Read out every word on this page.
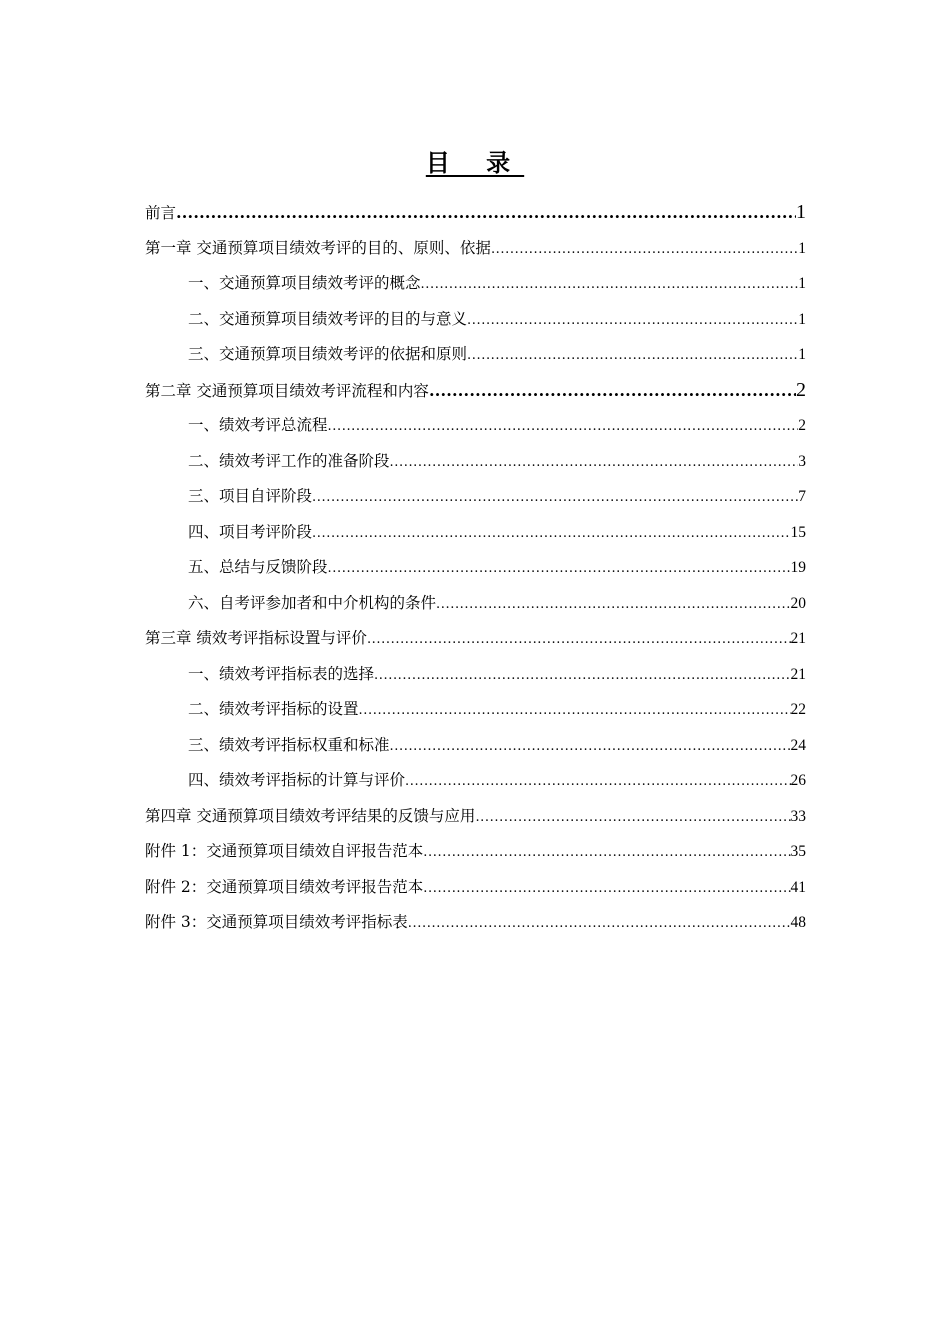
目 录
前言 .....	1
第一章 交通预算项目绩效考评的目的、原则、依据 .....	1
一、交通预算项目绩效考评的概念 .....	1
二、交通预算项目绩效考评的目的与意义 .....	1
三、交通预算项目绩效考评的依据和原则 .....	1
第二章 交通预算项目绩效考评流程和内容 .....	2
一、绩效考评总流程 .....	2
二、绩效考评工作的准备阶段 .....	3
三、项目自评阶段 .....	7
四、项目考评阶段 .....	15
五、总结与反馈阶段 .....	19
六、自考评参加者和中介机构的条件 .....	20
第三章 绩效考评指标设置与评价 .....	21
一、绩效考评指标表的选择 .....	21
二、绩效考评指标的设置 .....	22
三、绩效考评指标权重和标准 .....	24
四、绩效考评指标的计算与评价 .....	26
第四章 交通预算项目绩效考评结果的反馈与应用 .....	33
附件 1：交通预算项目绩效自评报告范本 .....	35
附件 2：交通预算项目绩效考评报告范本 .....	41
附件 3：交通预算项目绩效考评指标表 .....	48
